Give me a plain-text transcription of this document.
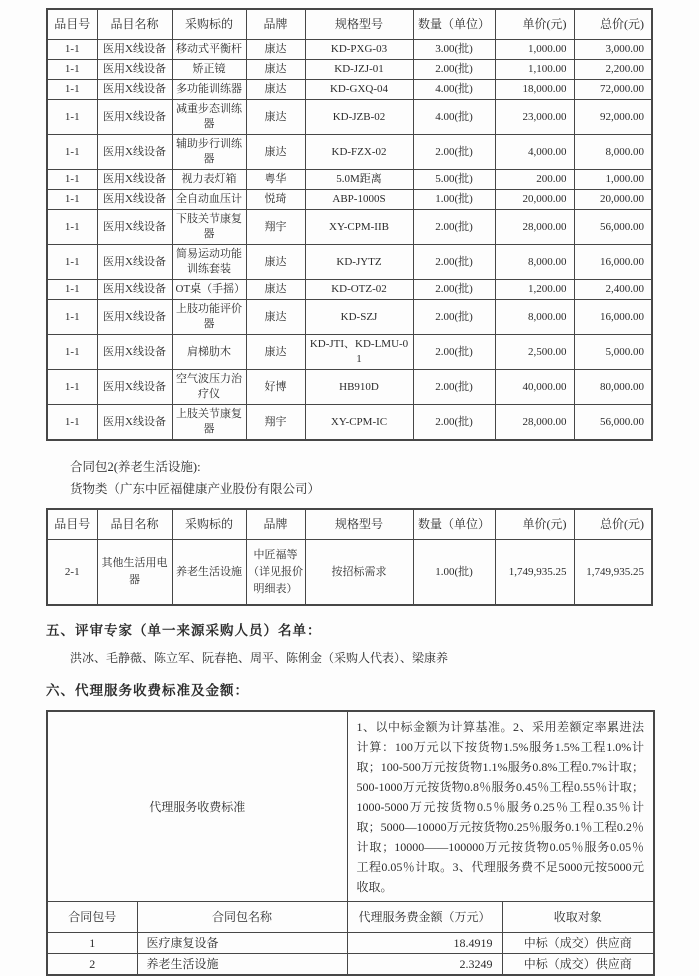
品目号	品目名称	采购标的	品牌	规格型号	数量（单位）	单价(元)	总价(元)
1-1	医用X线设备	移动式平衡杆	康达	KD-PXG-03	3.00(批)	1,000.00	3,000.00
1-1	医用X线设备	矫正镜	康达	KD-JZJ-01	2.00(批)	1,100.00	2,200.00
1-1	医用X线设备	多功能训练器	康达	KD-GXQ-04	4.00(批)	18,000.00	72,000.00
1-1	医用X线设备	减重步态训练器	康达	KD-JZB-02	4.00(批)	23,000.00	92,000.00
1-1	医用X线设备	辅助步行训练器	康达	KD-FZX-02	2.00(批)	4,000.00	8,000.00
1-1	医用X线设备	视力表灯箱	粤华	5.0M距离	5.00(批)	200.00	1,000.00
1-1	医用X线设备	全自动血压计	悦琦	ABP-1000S	1.00(批)	20,000.00	20,000.00
1-1	医用X线设备	下肢关节康复器	翔宇	XY-CPM-IIB	2.00(批)	28,000.00	56,000.00
1-1	医用X线设备	简易运动功能训练套装	康达	KD-JYTZ	2.00(批)	8,000.00	16,000.00
1-1	医用X线设备	OT桌（手摇）	康达	KD-OTZ-02	2.00(批)	1,200.00	2,400.00
1-1	医用X线设备	上肢功能评价器	康达	KD-SZJ	2.00(批)	8,000.00	16,000.00
1-1	医用X线设备	肩梯肋木	康达	KD-JTI、KD-LMU-01	2.00(批)	2,500.00	5,000.00
1-1	医用X线设备	空气波压力治疗仪	好博	HB910D	2.00(批)	40,000.00	80,000.00
1-1	医用X线设备	上肢关节康复器	翔宇	XY-CPM-IC	2.00(批)	28,000.00	56,000.00

合同包2(养老生活设施):

货物类（广东中匠福健康产业股份有限公司）

品目号	品目名称	采购标的	品牌	规格型号	数量（单位）	单价(元)	总价(元)
2-1	其他生活用电器	养老生活设施	中匠福等（详见报价明细表）	按招标需求	1.00(批)	1,749,935.25	1,749,935.25
五、评审专家（单一来源采购人员）名单：

洪冰、毛静薇、陈立军、阮春艳、周平、陈俐金（采购人代表）、梁康养

六、代理服务收费标准及金额：
代理服务收费标准		1、以中标金额为计算基准。2、采用差额定率累进法计算：100万元以下按货物1.5%服务1.5%工程1.0%计取；100-500万元按货物1.1%服务0.8%工程0.7%计取；500-1000万元按货物0.8％服务0.45％工程0.55％计取；1000-5000万元按货物0.5％服务0.25％工程0.35％计取；5000—10000万元按货物0.25％服务0.1％工程0.2％计取；10000——100000万元按货物0.05％服务0.05％工程0.05％计取。3、代理服务费不足5000元按5000元收取。	
合同包号	合同包名称	代理服务费金额（万元）	收取对象
1	医疗康复设备	18.4919	中标（成交）供应商
2	养老生活设施	2.3249	中标（成交）供应商
